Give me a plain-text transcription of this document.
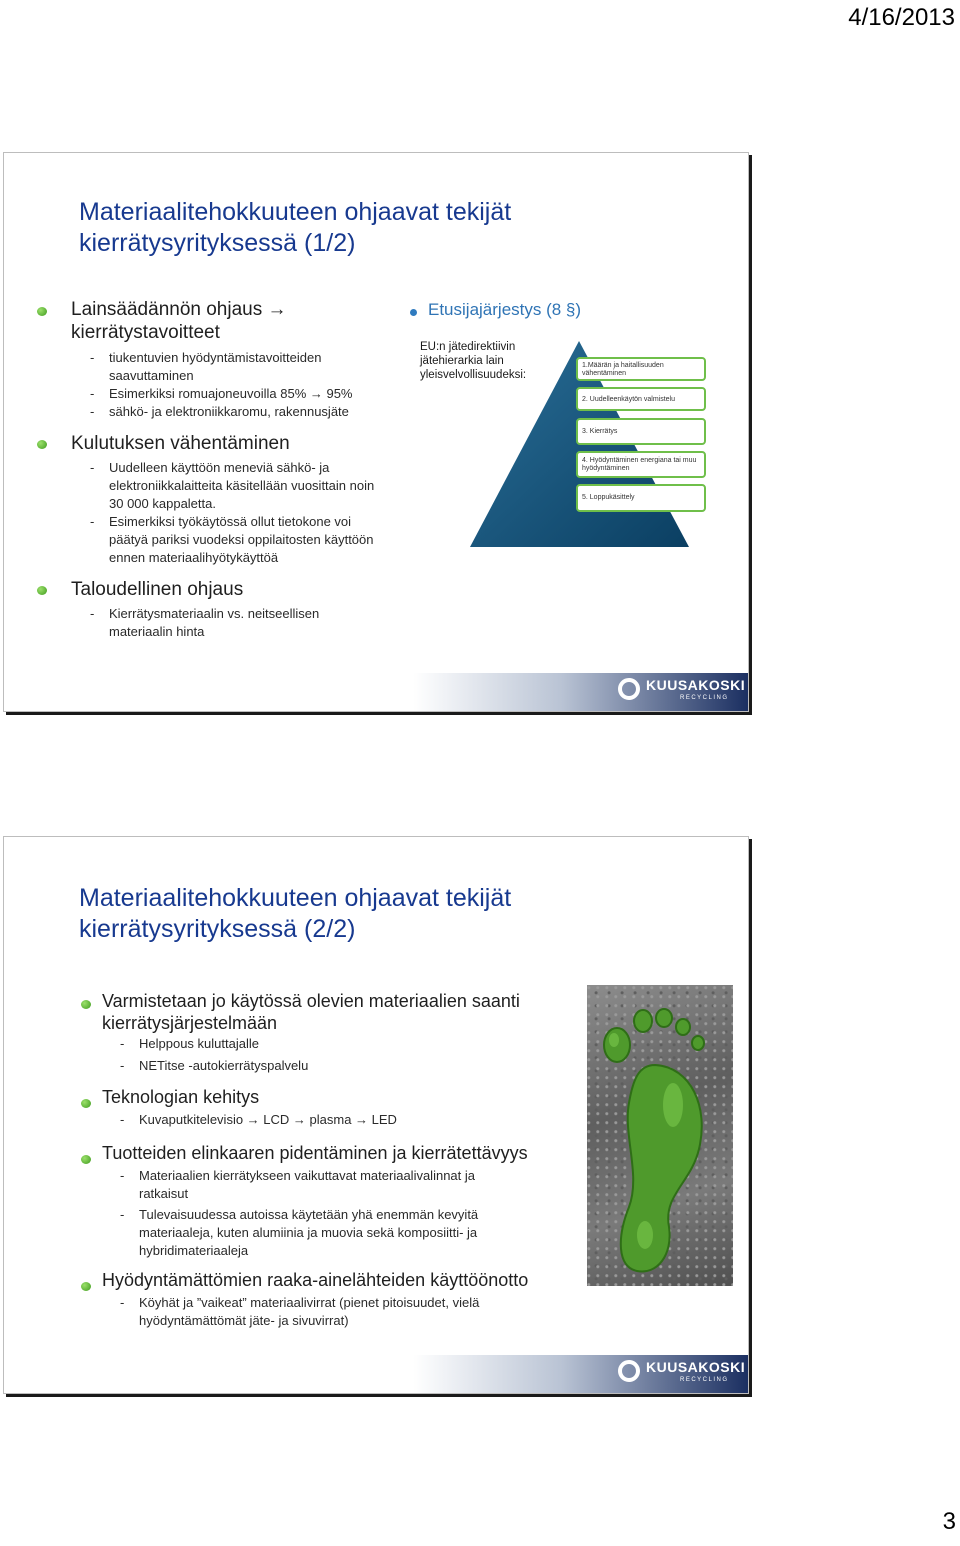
4/16/2013
Materiaalitehokkuuteen ohjaavat tekijät
kierrätysyrityksessä (1/2)

Lainsäädännön ohjaus →
kierrätystavoitteet

- tiukentuvien hyödyntämistavoitteiden
saavuttaminen
- Esimerkiksi romuajoneuvoilla 85% → 95%
- sähkö- ja elektroniikkaromu, rakennusjäte

Kulutuksen vähentäminen

- Uudelleen käyttöön meneviä sähkö- ja
elektroniikkalaitteita käsitellään vuosittain noin
30 000 kappaletta.
- Esimerkiksi työkäytössä ollut tietokone voi
päätyä pariksi vuodeksi oppilaitosten käyttöön
ennen materiaalihyötykäyttöä

Taloudellinen ohjaus

- Kierrätysmateriaalin vs. neitseellisen
materiaalin hinta
Etusijajärjestys (8 §)
EU:n jätedirektiivin
jätehierarkia lain
yleisvelvollisuudeksi:
1.Määrän ja haitallisuuden
vähentäminen
2. Uudelleenkäytön valmistelu
3. Kierrätys
4. Hyödyntäminen energiana tai muu
hyödyntäminen
5. Loppukäsittely
KUUSAKOSKI
RECYCLING
Materiaalitehokkuuteen ohjaavat tekijät
kierrätysyrityksessä (2/2)

Varmistetaan jo käytössä olevien materiaalien saanti
kierrätysjärjestelmään

- Helppous kuluttajalle
- NETitse -autokierrätyspalvelu

Teknologian kehitys

- Kuvaputkitelevisio → LCD → plasma → LED

Tuotteiden elinkaaren pidentäminen ja kierrätettävyys

- Materiaalien kierrätykseen vaikuttavat materiaalivalinnat ja
ratkaisut
- Tulevaisuudessa autoissa käytetään yhä enemmän kevyitä
materiaaleja, kuten alumiinia ja muovia sekä komposiitti- ja
hybridimateriaaleja

Hyödyntämättömien raaka-ainelähteiden käyttöönotto

- Köyhät ja ”vaikeat” materiaalivirrat (pienet pitoisuudet, vielä
hyödyntämättömät jäte- ja sivuvirrat)
KUUSAKOSKI
RECYCLING
3
